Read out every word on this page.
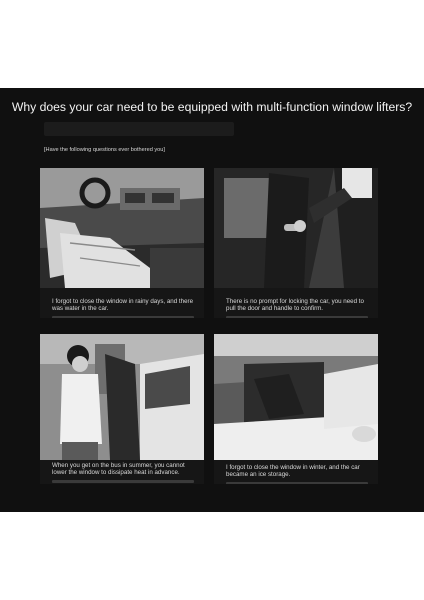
Why does your car need to be equipped with multi-function window lifters?
[Have the following questions ever bothered you]
I forgot to close the window in rainy days, and there was water in the car.
There is no prompt for locking the car, you need to pull the door and handle to confirm.
When you get on the bus in summer, you cannot lower the window to dissipate heat in advance.
I forgot to close the window in winter, and the car became an ice storage.
